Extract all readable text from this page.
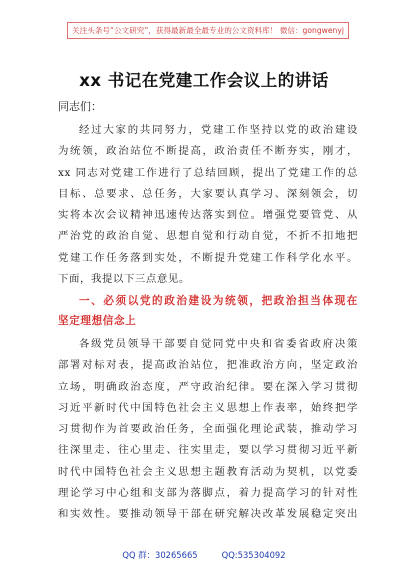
关注头条号“公文研究”，获得最新最全最专业的公文资料库！ 微信：gongwenyj
xx 书记在党建工作会议上的讲话
同志们：
经过大家的共同努力，党建工作坚持以党的政治建设
为统领，政治站位不断提高，政治责任不断夯实，刚才，
xx 同志对党建工作进行了总结回顾，提出了党建工作的总
目标、总要求、总任务，大家要认真学习、深刻领会，切
实将本次会议精神迅速传达落实到位。增强党要管党、从
严治党的政治自觉、思想自觉和行动自觉，不折不扣地把
党建工作任务落到实处，不断提升党建工作科学化水平。
下面，我提以下三点意见。
一、必须以党的政治建设为统领，把政治担当体现在
坚定理想信念上
各级党员领导干部要自觉同党中央和省委省政府决策
部署对标对表，提高政治站位，把准政治方向，坚定政治
立场，明确政治态度，严守政治纪律。要在深入学习贯彻
习近平新时代中国特色社会主义思想上作表率，始终把学
习贯彻作为首要政治任务，全面强化理论武装，推动学习
往深里走、往心里走、往实里走，要以学习贯彻习近平新
时代中国特色社会主义思想主题教育活动为契机，以党委
理论学习中心组和支部为落脚点，着力提高学习的针对性
和实效性。要推动领导干部在研究解决改革发展稳定突出
QQ 群：30265665	QQ:535304092
